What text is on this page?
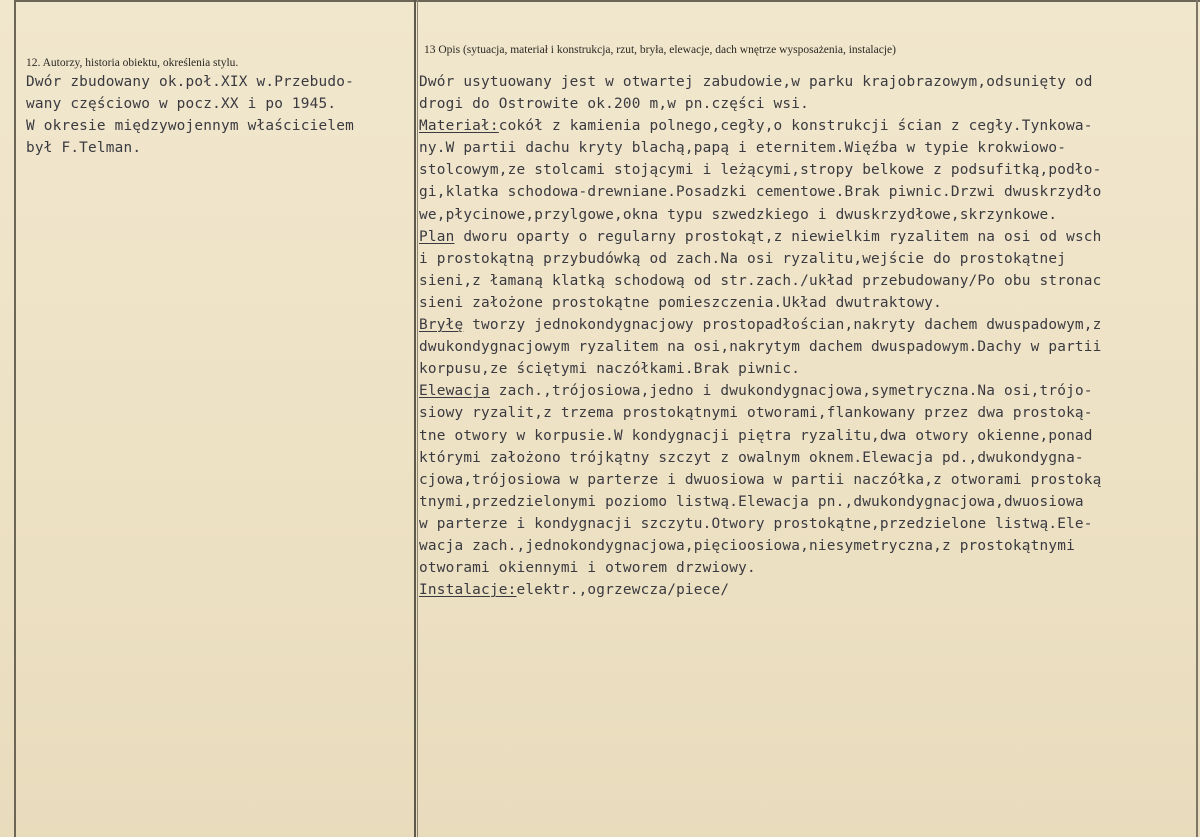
12. Autorzy, historia obiektu, określenia stylu.
Dwór zbudowany ok.poł.XIX w.Przebudo-
wany częściowo w pocz.XX i po 1945.
W okresie międzywojennym właścicielem
był F.Telman.
13 Opis (sytuacja, materiał i konstrukcja, rzut, bryła, elewacje, dach wnętrze wysposażenia, instalacje)
Dwór usytuowany jest w otwartej zabudowie,w parku krajobrazowym,odsunięty od
drogi do Ostrowite ok.200 m,w pn.części wsi.
Materiał:cokół z kamienia polnego,cegły,o konstrukcji ścian z cegły.Tynkowa-
ny.W partii dachu kryty blachą,papą i eternitem.Więźba w typie krokwiowo-
stolcowym,ze stolcami stojącymi i leżącymi,stropy belkowe z podsufitką,podło-
gi,klatka schodowa-drewniane.Posadzki cementowe.Brak piwnic.Drzwi dwuskrzydło
we,płycinowe,przylgowe,okna typu szwedzkiego i dwuskrzydłowe,skrzynkowe.
Plan dworu oparty o regularny prostokąt,z niewielkim ryzalitem na osi od wsch
i prostokątną przybudówką od zach.Na osi ryzalitu,wejście do prostokątnej
sieni,z łamaną klatką schodową od str.zach./układ przebudowany/Po obu stronac
sieni założone prostokątne pomieszczenia.Układ dwutraktowy.
Bryłę tworzy jednokondygnacjowy prostopadłościan,nakryty dachem dwuspadowym,z
dwukondygnacjowym ryzalitem na osi,nakrytym dachem dwuspadowym.Dachy w partii
korpusu,ze ściętymi naczółkami.Brak piwnic.
Elewacja zach.,trójosiowa,jedno i dwukondygnacjowa,symetryczna.Na osi,trójo-
siowy ryzalit,z trzema prostokątnymi otworami,flankowany przez dwa prostoką-
tne otwory w korpusie.W kondygnacji piętra ryzalitu,dwa otwory okienne,ponad
którymi założono trójkątny szczyt z owalnym oknem.Elewacja pd.,dwukondygna-
cjowa,trójosiowa w parterze i dwuosiowa w partii naczółka,z otworami prostoką
tnymi,przedzielonymi poziomo listwą.Elewacja pn.,dwukondygnacjowa,dwuosiowa
w parterze i kondygnacji szczytu.Otwory prostokątne,przedzielone listwą.Ele-
wacja zach.,jednokondygnacjowa,pięcioosiowa,niesymetryczna,z prostokątnymi
otworami okiennymi i otworem drzwiowy.
Instalacje:elektr.,ogrzewcza/piece/
